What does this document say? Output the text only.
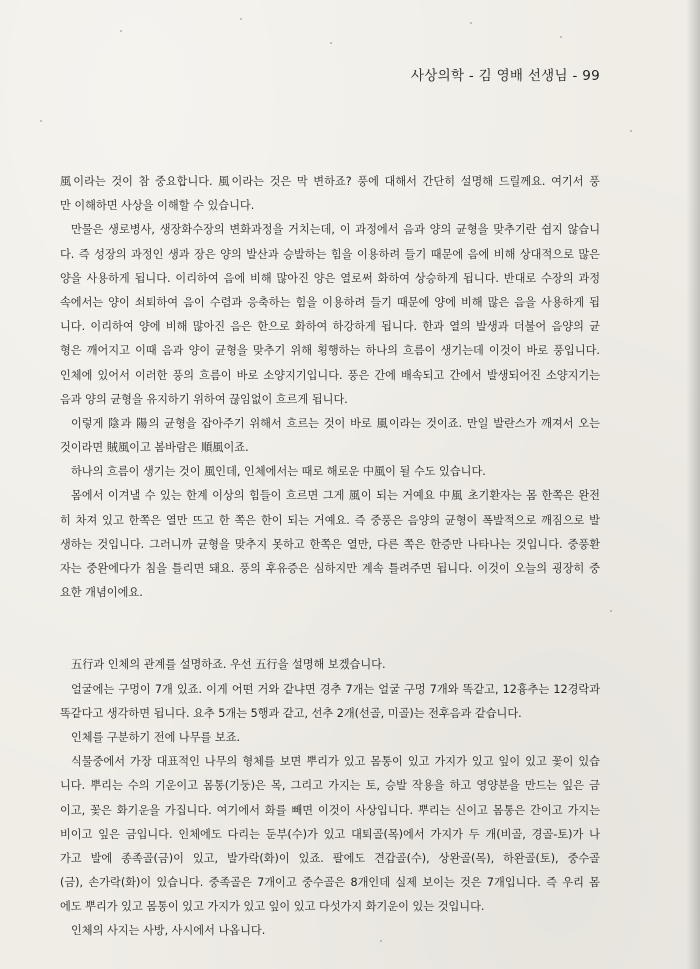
사상의학 - 김 영배 선생님 - 99
風이라는 것이 참 중요합니다. 風이라는 것은 막 변하죠? 풍에 대해서 간단히 설명해 드릴께요. 여기서 풍
만 이해하면 사상을 이해할 수 있습니다.
만물은 생로병사, 생장화수장의 변화과정을 거치는데, 이 과정에서 음과 양의 균형을 맞추기란 쉽지 않습니
다. 즉 성장의 과정인 생과 장은 양의 발산과 승발하는 힘을 이용하려 들기 때문에 음에 비해 상대적으로 많은
양을 사용하게 됩니다. 이리하여 음에 비해 많아진 양은 열로써 화하여 상승하게 됩니다. 반대로 수장의 과정
속에서는 양이 쇠퇴하여 음이 수렴과 응축하는 힘을 이용하려 들기 때문에 양에 비해 많은 음을 사용하게 됩
니다. 이리하여 양에 비해 많아진 음은 한으로 화하여 하강하게 됩니다. 한과 열의 발생과 더불어 음양의 균
형은 깨어지고 이때 음과 양이 균형을 맞추기 위해 횡행하는 하나의 흐름이 생기는데 이것이 바로 풍입니다.
인체에 있어서 이러한 풍의 흐름이 바로 소양지기입니다. 풍은 간에 배속되고 간에서 발생되어진 소양지기는
음과 양의 균형을 유지하기 위하여 끊임없이 흐르게 됩니다.
이렇게 陰과 陽의 균형을 잡아주기 위해서 흐르는 것이 바로 風이라는 것이죠. 만일 발란스가 깨져서 오는
것이라면 賊風이고 봄바람은 順風이죠.
하나의 흐름이 생기는 것이 風인데, 인체에서는 때로 해로운 中風이 될 수도 있습니다.
몸에서 이겨낼 수 있는 한계 이상의 힘들이 흐르면 그게 風이 되는 거예요 中風 초기환자는 몸 한쪽은 완전
히 차져 있고 한쪽은 열만 뜨고 한 쪽은 한이 되는 거예요. 즉 중풍은 음양의 균형이 폭발적으로 깨짐으로 발
생하는 것입니다. 그러니까 균형을 맞추지 못하고 한쪽은 열만, 다른 쪽은 한증만 나타나는 것입니다. 중풍환
자는 중완에다가 침을 틀리면 돼요. 풍의 후유증은 심하지만 계속 틀려주면 됩니다. 이것이 오늘의 굉장히 중
요한 개념이에요.
五行과 인체의 관계를 설명하죠. 우선 五行을 설명해 보겠습니다.
얼굴에는 구멍이 7개 있죠. 이게 어떤 거와 같냐면 경추 7개는 얼굴 구멍 7개와 똑같고, 12흉추는 12경락과
똑같다고 생각하면 됩니다. 요추 5개는 5행과 같고, 선추 2개(선골, 미골)는 전후음과 같습니다.
인체를 구분하기 전에 나무를 보죠.
식물중에서 가장 대표적인 나무의 형체를 보면 뿌리가 있고 몸통이 있고 가지가 있고 잎이 있고 꽃이 있습
니다. 뿌리는 수의 기운이고 몸통(기둥)은 목, 그리고 가지는 토, 승발 작용을 하고 영양분을 만드는 잎은 금
이고, 꽃은 화기운을 가집니다. 여기에서 화를 빼면 이것이 사상입니다. 뿌리는 신이고 몸통은 간이고 가지는
비이고 잎은 금입니다. 인체에도 다리는 둔부(수)가 있고 대퇴골(목)에서 가지가 두 개(비골, 경골-토)가 나
가고 발에 종족골(금)이 있고, 발가락(화)이 있죠. 팔에도 견갑골(수), 상완골(목), 하완골(토), 중수골
(금), 손가락(화)이 있습니다. 중족골은 7개이고 중수골은 8개인데 실제 보이는 것은 7개입니다. 즉 우리 몸
에도 뿌리가 있고 몸통이 있고 가지가 있고 잎이 있고 다섯가지 화기운이 있는 것입니다.
인체의 사지는 사방, 사시에서 나옵니다.
